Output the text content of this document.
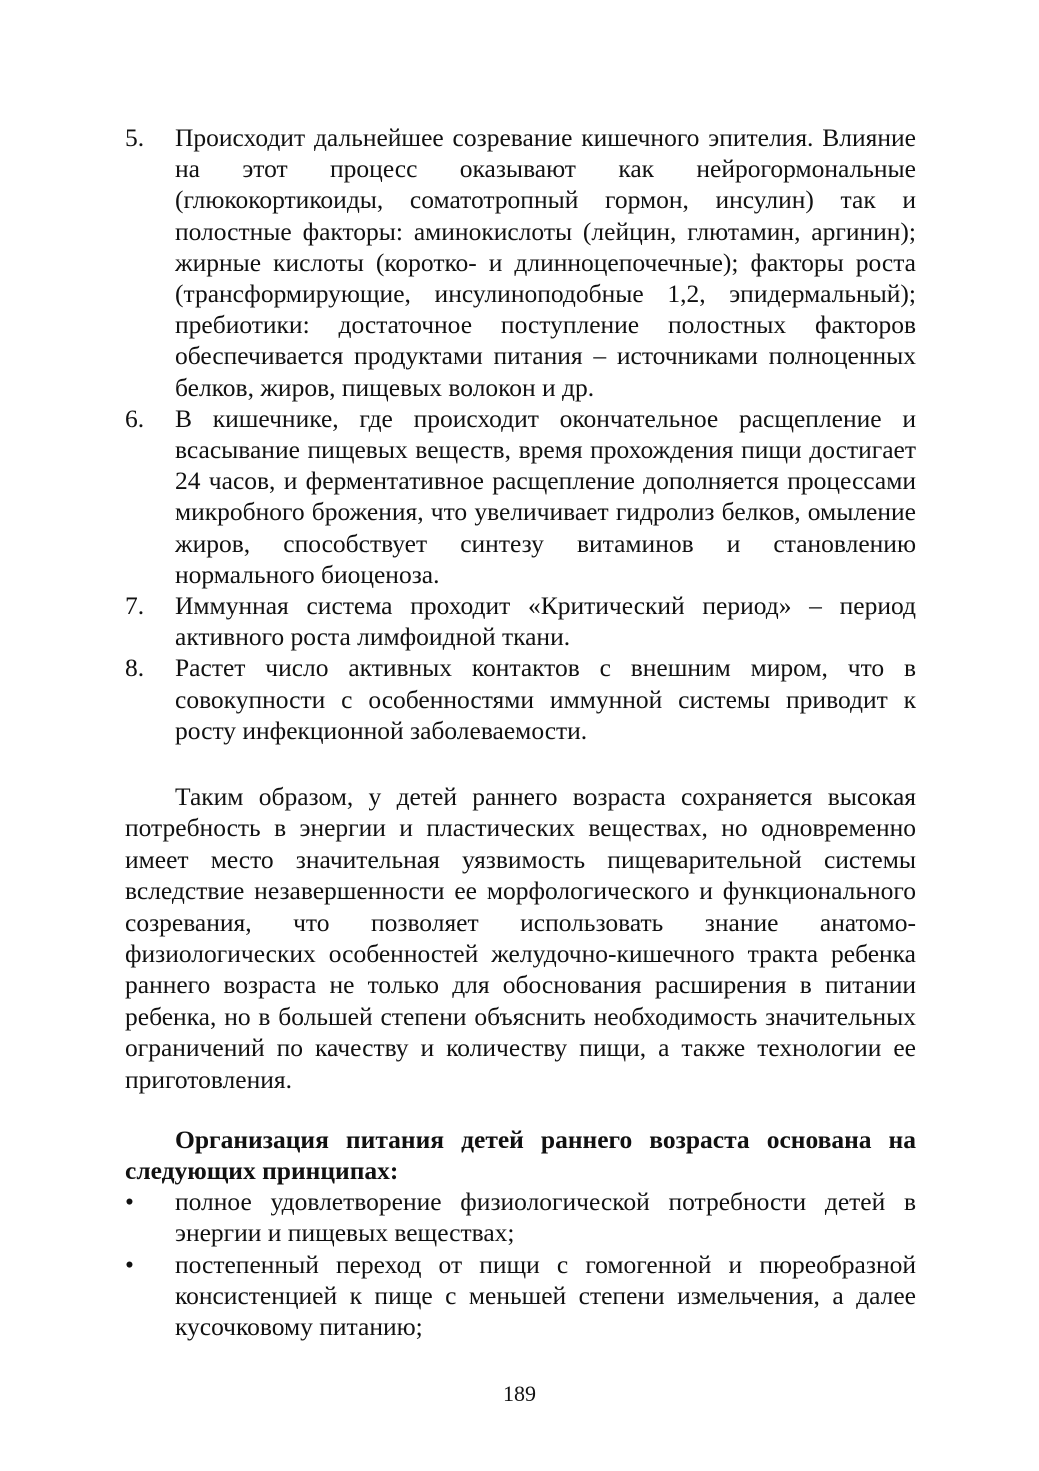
5. Происходит дальнейшее созревание кишечного эпителия. Влияние на этот процесс оказывают как нейрогормональные (глюкокортикоиды, соматотропный гормон, инсулин) так и полостные факторы: аминокислоты (лейцин, глютамин, аргинин); жирные кислоты (коротко- и длинноцепочечные); факторы роста (трансформирующие, инсулиноподобные 1,2, эпидермальный); пребиотики: достаточное поступление полостных факторов обеспечивается продуктами питания – источниками полноценных белков, жиров, пищевых волокон и др.
6. В кишечнике, где происходит окончательное расщепление и всасывание пищевых веществ, время прохождения пищи достигает 24 часов, и ферментативное расщепление дополняется процессами микробного брожения, что увеличивает гидролиз белков, омыление жиров, способствует синтезу витаминов и становлению нормального биоценоза.
7. Иммунная система проходит «Критический период» – период активного роста лимфоидной ткани.
8. Растет число активных контактов с внешним миром, что в совокупности с особенностями иммунной системы приводит к росту инфекционной заболеваемости.

Таким образом, у детей раннего возраста сохраняется высокая потребность в энергии и пластических веществах, но одновременно имеет место значительная уязвимость пищеварительной системы вследствие незавершенности ее морфологического и функционального созревания, что позволяет использовать знание анатомо-физиологических особенностей желудочно-кишечного тракта ребенка раннего возраста не только для обоснования расширения в питании ребенка, но в большей степени объяснить необходимость значительных ограничений по качеству и количеству пищи, а также технологии ее приготовления.

Организация питания детей раннего возраста основана на следующих принципах:

• полное удовлетворение физиологической потребности детей в энергии и пищевых веществах;
• постепенный переход от пищи с гомогенной и пюреобразной консистенцией к пище с меньшей степени измельчения, а далее кусочковому питанию;
189
